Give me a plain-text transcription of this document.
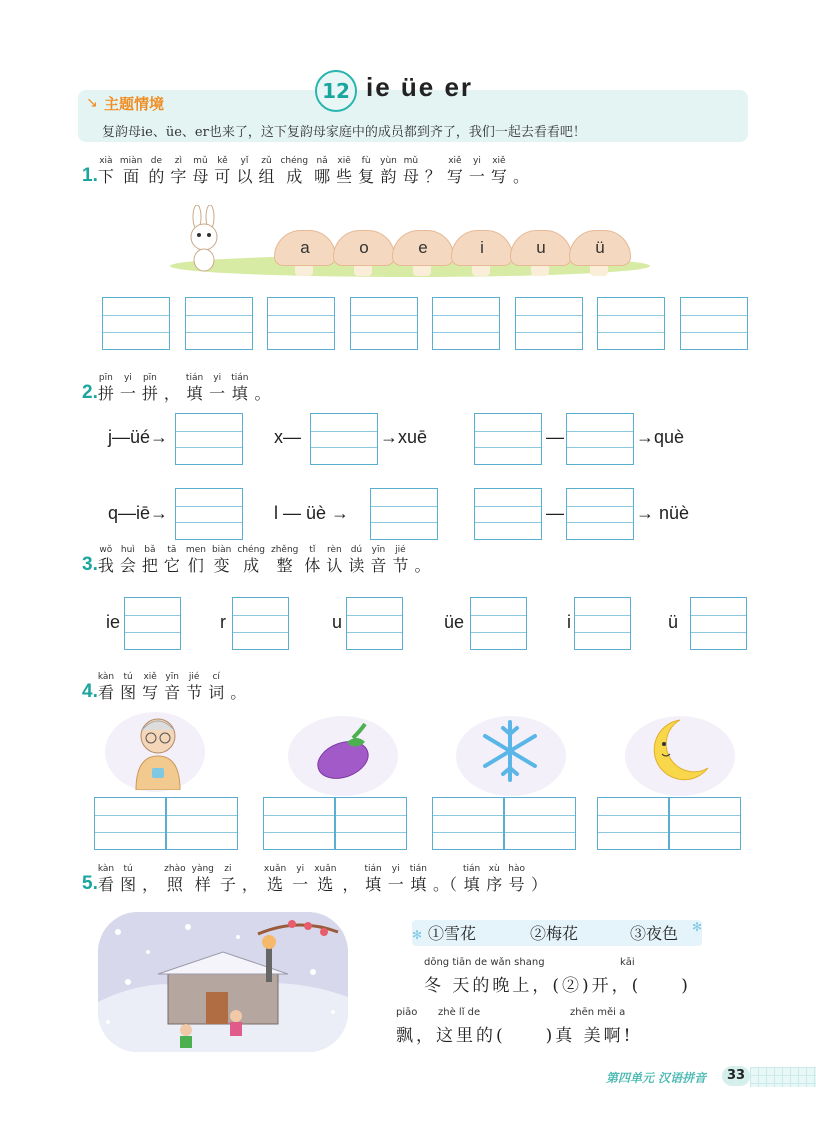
12 ie üe er
↘ 主题情境
复韵母ie、üe、er也来了，这下复韵母家庭中的成员都到齐了，我们一起去看看吧！
1.
xià
下
miàn
面
de
的
zì
字
mǔ
母
kě
可
yǐ
以
zǔ
组
chéng
成
nǎ
哪
xiē
些
fù
复
yùn
韵
mǔ
母 ？
xiě
写
yi
一
xiě
写 。
a	o	e	i	u	ü
2.
pīn
拼
yi
一
pīn
拼 ，
tián
填
yi
一
tián
填 。
j—üé→	x—	→xuē	—	→què
q—iē→	l — üè →	—	→ nüè
3.
wǒ
我
huì
会
bǎ
把
tā
它
men
们
biàn
变
chéng
成
zhěng
整
tǐ
体
rèn
认
dú
读
yīn
音
jié
节 。
ie	r	u	üe	i	ü
4.
kàn
看
tú
图
xiě
写
yīn
音
jié
节
cí
词 。
5.
kàn
看
tú
图 ，
zhào
照
yàng
样
zi
子 ，
xuǎn
选
yi
一
xuǎn
选 ，
tián
填
yi
一
tián
填 。（
tián
填
xù
序
hào
号 ）
✻
✻
①雪花	②梅花	③夜色
dōng tiān de wǎn shang	kāi
冬 天的晚上，(②)开，(　　)
piāo zhè lǐ de	zhēn měi a
飘，这里的(　　)真 美啊!
第四单元 汉语拼音	33
